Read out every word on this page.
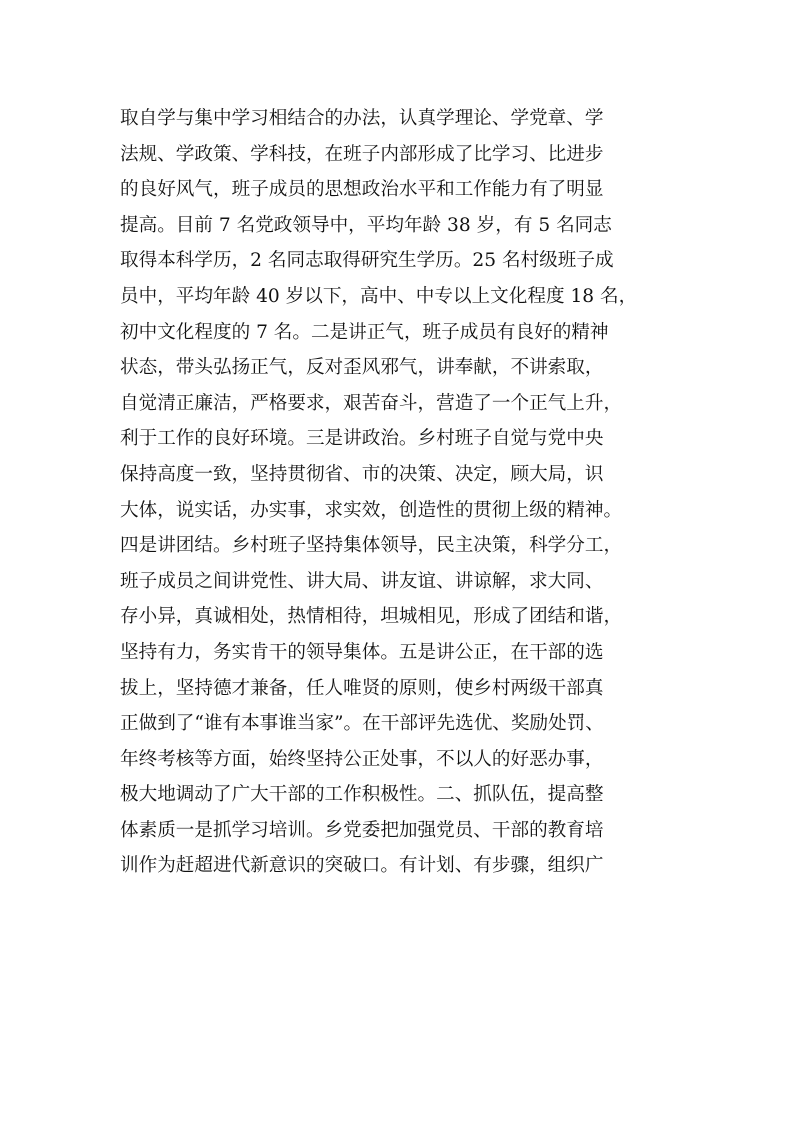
取自学与集中学习相结合的办法，认真学理论、学党章、学
法规、学政策、学科技，在班子内部形成了比学习、比进步
的良好风气，班子成员的思想政治水平和工作能力有了明显
提高。目前 7 名党政领导中，平均年龄 38 岁，有 5 名同志
取得本科学历，2 名同志取得研究生学历。25 名村级班子成
员中，平均年龄 40 岁以下，高中、中专以上文化程度 18 名，
初中文化程度的 7 名。二是讲正气，班子成员有良好的精神
状态，带头弘扬正气，反对歪风邪气，讲奉献，不讲索取，
自觉清正廉洁，严格要求，艰苦奋斗，营造了一个正气上升，
利于工作的良好环境。三是讲政治。乡村班子自觉与党中央
保持高度一致，坚持贯彻省、市的决策、决定，顾大局，识
大体，说实话，办实事，求实效，创造性的贯彻上级的精神。
四是讲团结。乡村班子坚持集体领导，民主决策，科学分工，
班子成员之间讲党性、讲大局、讲友谊、讲谅解，求大同、
存小异，真诚相处，热情相待，坦城相见，形成了团结和谐，
坚持有力，务实肯干的领导集体。五是讲公正，在干部的选
拔上，坚持德才兼备，任人唯贤的原则，使乡村两级干部真
正做到了“谁有本事谁当家”。在干部评先选优、奖励处罚、
年终考核等方面，始终坚持公正处事，不以人的好恶办事，
极大地调动了广大干部的工作积极性。二、抓队伍，提高整
体素质一是抓学习培训。乡党委把加强党员、干部的教育培
训作为赶超进代新意识的突破口。有计划、有步骤，组织广
